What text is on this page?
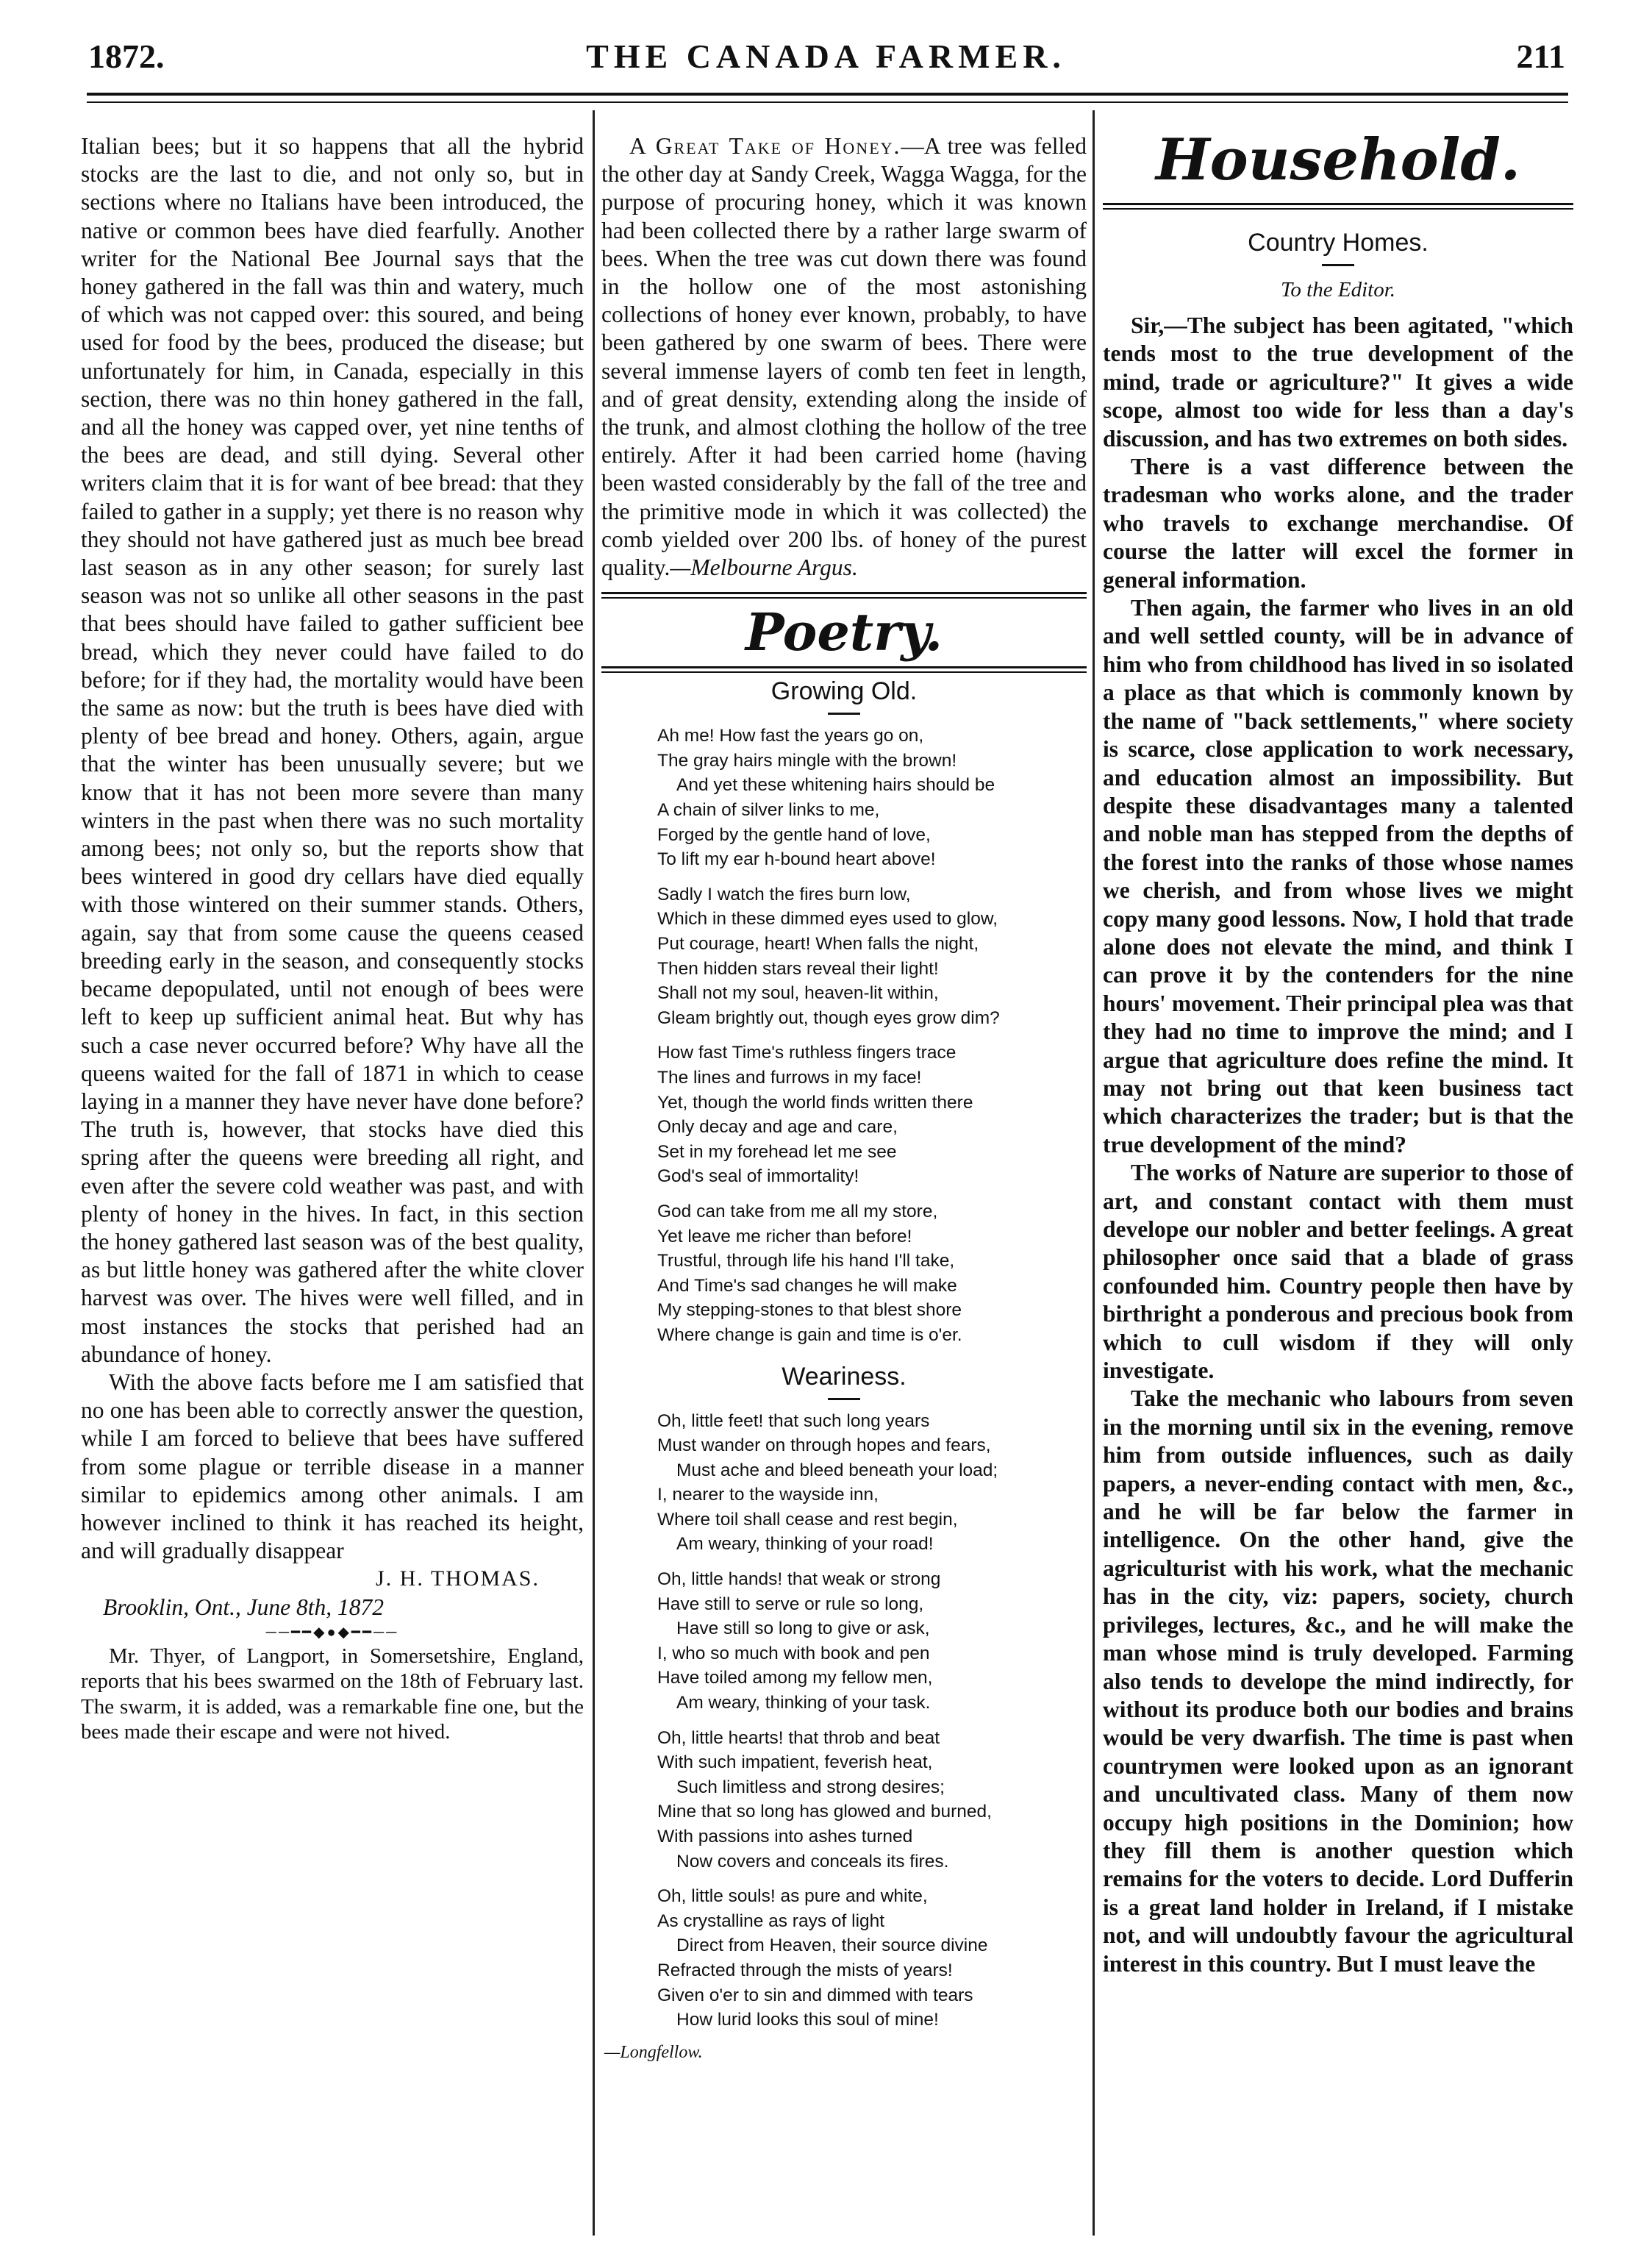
1872.	THE CANADA FARMER.	211

Italian bees; but it so happens that all the hybrid stocks are the last to die, and not only so, but in sections where no Italians have been introduced, the native or common bees have died fearfully. Another writer for the National Bee Journal says that the honey gathered in the fall was thin and watery, much of which was not capped over: this soured, and being used for food by the bees, produced the disease; but unfortunately for him, in Canada, especially in this section, there was no thin honey gathered in the fall, and all the honey was capped over, yet nine tenths of the bees are dead, and still dying. Several other writers claim that it is for want of bee bread: that they failed to gather in a supply; yet there is no reason why they should not have gathered just as much bee bread last season as in any other season; for surely last season was not so unlike all other seasons in the past that bees should have failed to gather sufficient bee bread, which they never could have failed to do before; for if they had, the mortality would have been the same as now: but the truth is bees have died with plenty of bee bread and honey. Others, again, argue that the winter has been unusually severe; but we know that it has not been more severe than many winters in the past when there was no such mortality among bees; not only so, but the reports show that bees wintered in good dry cellars have died equally with those wintered on their summer stands. Others, again, say that from some cause the queens ceased breeding early in the season, and consequently stocks became depopulated, until not enough of bees were left to keep up sufficient animal heat. But why has such a case never occurred before? Why have all the queens waited for the fall of 1871 in which to cease laying in a manner they have never have done before? The truth is, however, that stocks have died this spring after the queens were breeding all right, and even after the severe cold weather was past, and with plenty of honey in the hives. In fact, in this section the honey gathered last season was of the best quality, as but little honey was gathered after the white clover harvest was over. The hives were well filled, and in most instances the stocks that perished had an abundance of honey.

With the above facts before me I am satisfied that no one has been able to correctly answer the question, while I am forced to believe that bees have suffered from some plague or terrible disease in a manner similar to epidemics among other animals. I am however inclined to think it has reached its height, and will gradually disappear

J. H. THOMAS.
Brooklin, Ont., June 8th, 1872
──━━◆●◆━━──

Mr. Thyer, of Langport, in Somersetshire, England, reports that his bees swarmed on the 18th of February last. The swarm, it is added, was a remarkable fine one, but the bees made their escape and were not hived.

A Great Take of Honey.—A tree was felled the other day at Sandy Creek, Wagga Wagga, for the purpose of procuring honey, which it was known had been collected there by a rather large swarm of bees. When the tree was cut down there was found in the hollow one of the most astonishing collections of honey ever known, probably, to have been gathered by one swarm of bees. There were several immense layers of comb ten feet in length, and of great density, extending along the inside of the trunk, and almost clothing the hollow of the tree entirely. After it had been carried home (having been wasted considerably by the fall of the tree and the primitive mode in which it was collected) the comb yielded over 200 lbs. of honey of the purest quality.—Melbourne Argus.

Poetry.
Growing Old.
Ah me! How fast the years go on,
The gray hairs mingle with the brown!
And yet these whitening hairs should be
A chain of silver links to me,
Forged by the gentle hand of love,
To lift my ear h-bound heart above!
Sadly I watch the fires burn low,
Which in these dimmed eyes used to glow,
Put courage, heart! When falls the night,
Then hidden stars reveal their light!
Shall not my soul, heaven-lit within,
Gleam brightly out, though eyes grow dim?
How fast Time's ruthless fingers trace
The lines and furrows in my face!
Yet, though the world finds written there
Only decay and age and care,
Set in my forehead let me see
God's seal of immortality!
God can take from me all my store,
Yet leave me richer than before!
Trustful, through life his hand I'll take,
And Time's sad changes he will make
My stepping-stones to that blest shore
Where change is gain and time is o'er.
Weariness.
Oh, little feet! that such long years
Must wander on through hopes and fears,
Must ache and bleed beneath your load;
I, nearer to the wayside inn,
Where toil shall cease and rest begin,
Am weary, thinking of your road!
Oh, little hands! that weak or strong
Have still to serve or rule so long,
Have still so long to give or ask,
I, who so much with book and pen
Have toiled among my fellow men,
Am weary, thinking of your task.
Oh, little hearts! that throb and beat
With such impatient, feverish heat,
Such limitless and strong desires;
Mine that so long has glowed and burned,
With passions into ashes turned
Now covers and conceals its fires.
Oh, little souls! as pure and white,
As crystalline as rays of light
Direct from Heaven, their source divine
Refracted through the mists of years!
Given o'er to sin and dimmed with tears
How lurid looks this soul of mine!
—Longfellow.
Household.
Country Homes.
To the Editor.

Sir,—The subject has been agitated, "which tends most to the true development of the mind, trade or agriculture?" It gives a wide scope, almost too wide for less than a day's discussion, and has two extremes on both sides.

There is a vast difference between the tradesman who works alone, and the trader who travels to exchange merchandise. Of course the latter will excel the former in general information.

Then again, the farmer who lives in an old and well settled county, will be in advance of him who from childhood has lived in so isolated a place as that which is commonly known by the name of "back settlements," where society is scarce, close application to work necessary, and education almost an impossibility. But despite these disadvantages many a talented and noble man has stepped from the depths of the forest into the ranks of those whose names we cherish, and from whose lives we might copy many good lessons. Now, I hold that trade alone does not elevate the mind, and think I can prove it by the contenders for the nine hours' movement. Their principal plea was that they had no time to improve the mind; and I argue that agriculture does refine the mind. It may not bring out that keen business tact which characterizes the trader; but is that the true development of the mind?

The works of Nature are superior to those of art, and constant contact with them must develope our nobler and better feelings. A great philosopher once said that a blade of grass confounded him. Country people then have by birthright a ponderous and precious book from which to cull wisdom if they will only investigate.

Take the mechanic who labours from seven in the morning until six in the evening, remove him from outside influences, such as daily papers, a never-ending contact with men, &c., and he will be far below the farmer in intelligence. On the other hand, give the agriculturist with his work, what the mechanic has in the city, viz: papers, society, church privileges, lectures, &c., and he will make the man whose mind is truly developed. Farming also tends to develope the mind indirectly, for without its produce both our bodies and brains would be very dwarfish. The time is past when countrymen were looked upon as an ignorant and uncultivated class. Many of them now occupy high positions in the Dominion; how they fill them is another question which remains for the voters to decide. Lord Dufferin is a great land holder in Ireland, if I mistake not, and will undoubtly favour the agricultural interest in this country. But I must leave the
